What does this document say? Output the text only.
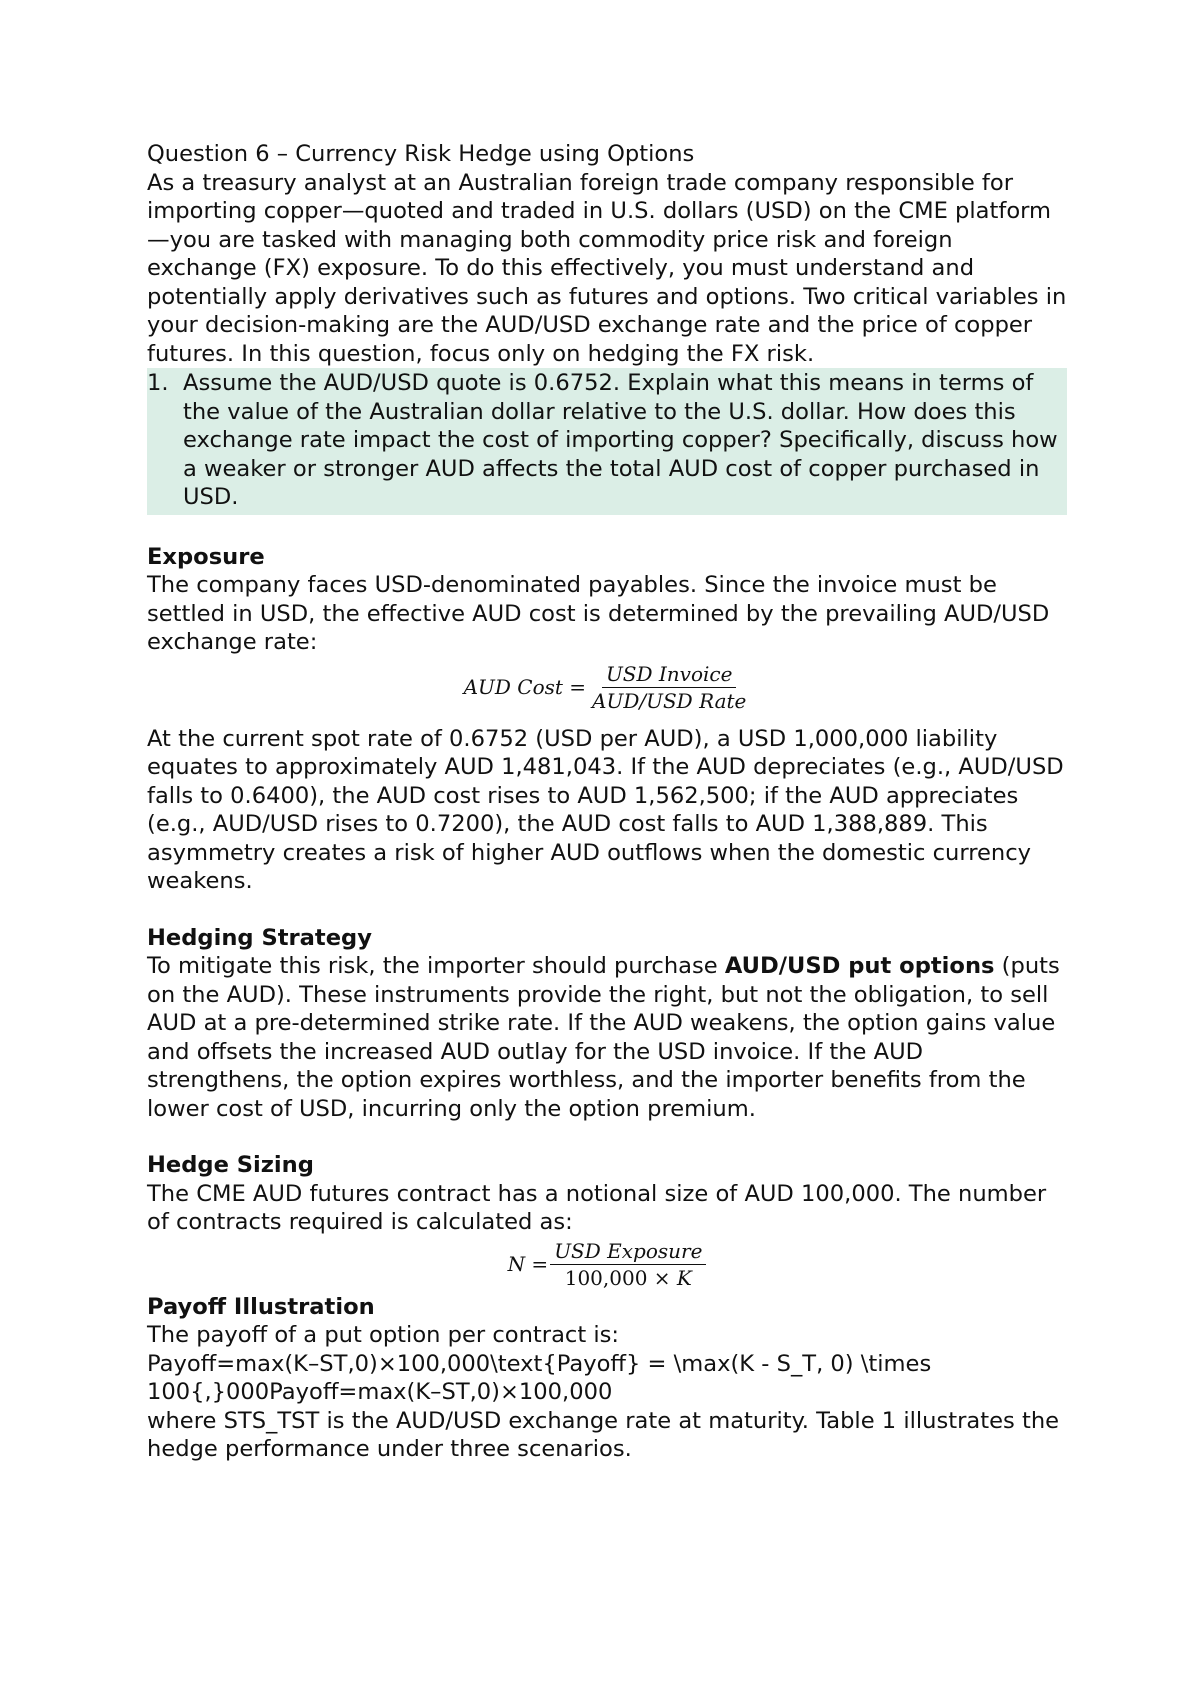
Question 6 – Currency Risk Hedge using Options

As a treasury analyst at an Australian foreign trade company responsible for importing copper—quoted and traded in U.S. dollars (USD) on the CME platform—you are tasked with managing both commodity price risk and foreign exchange (FX) exposure. To do this effectively, you must understand and potentially apply derivatives such as futures and options. Two critical variables in your decision-making are the AUD/USD exchange rate and the price of copper futures. In this question, focus only on hedging the FX risk.

1. Assume the AUD/USD quote is 0.6752. Explain what this means in terms of the value of the Australian dollar relative to the U.S. dollar. How does this exchange rate impact the cost of importing copper? Specifically, discuss how a weaker or stronger AUD affects the total AUD cost of copper purchased in USD.

Exposure

The company faces USD-denominated payables. Since the invoice must be settled in USD, the effective AUD cost is determined by the prevailing AUD/USD exchange rate:

AUD Cost = $\frac{\text{USD Invoice}}{\text{AUD/USD Rate}}$

At the current spot rate of 0.6752 (USD per AUD), a USD 1,000,000 liability equates to approximately AUD 1,481,043. If the AUD depreciates (e.g., AUD/USD falls to 0.6400), the AUD cost rises to AUD 1,562,500; if the AUD appreciates (e.g., AUD/USD rises to 0.7200), the AUD cost falls to AUD 1,388,889. This asymmetry creates a risk of higher AUD outflows when the domestic currency weakens.

Hedging Strategy

To mitigate this risk, the importer should purchase AUD/USD put options (puts on the AUD). These instruments provide the right, but not the obligation, to sell AUD at a pre-determined strike rate. If the AUD weakens, the option gains value and offsets the increased AUD outlay for the USD invoice. If the AUD strengthens, the option expires worthless, and the importer benefits from the lower cost of USD, incurring only the option premium.

Hedge Sizing

The CME AUD futures contract has a notional size of AUD 100,000. The number of contracts required is calculated as:

$N = \frac{\text{USD Exposure}}{100,000 \times K}$

Payoff Illustration

The payoff of a put option per contract is:

Payoff=max(K–ST,0)×100,000\text{Payoff} = \max(K - S_T, 0) \times 100{,}000Payoff=max(K–ST,0)×100,000

where STS_TST is the AUD/USD exchange rate at maturity. Table 1 illustrates the hedge performance under three scenarios.
